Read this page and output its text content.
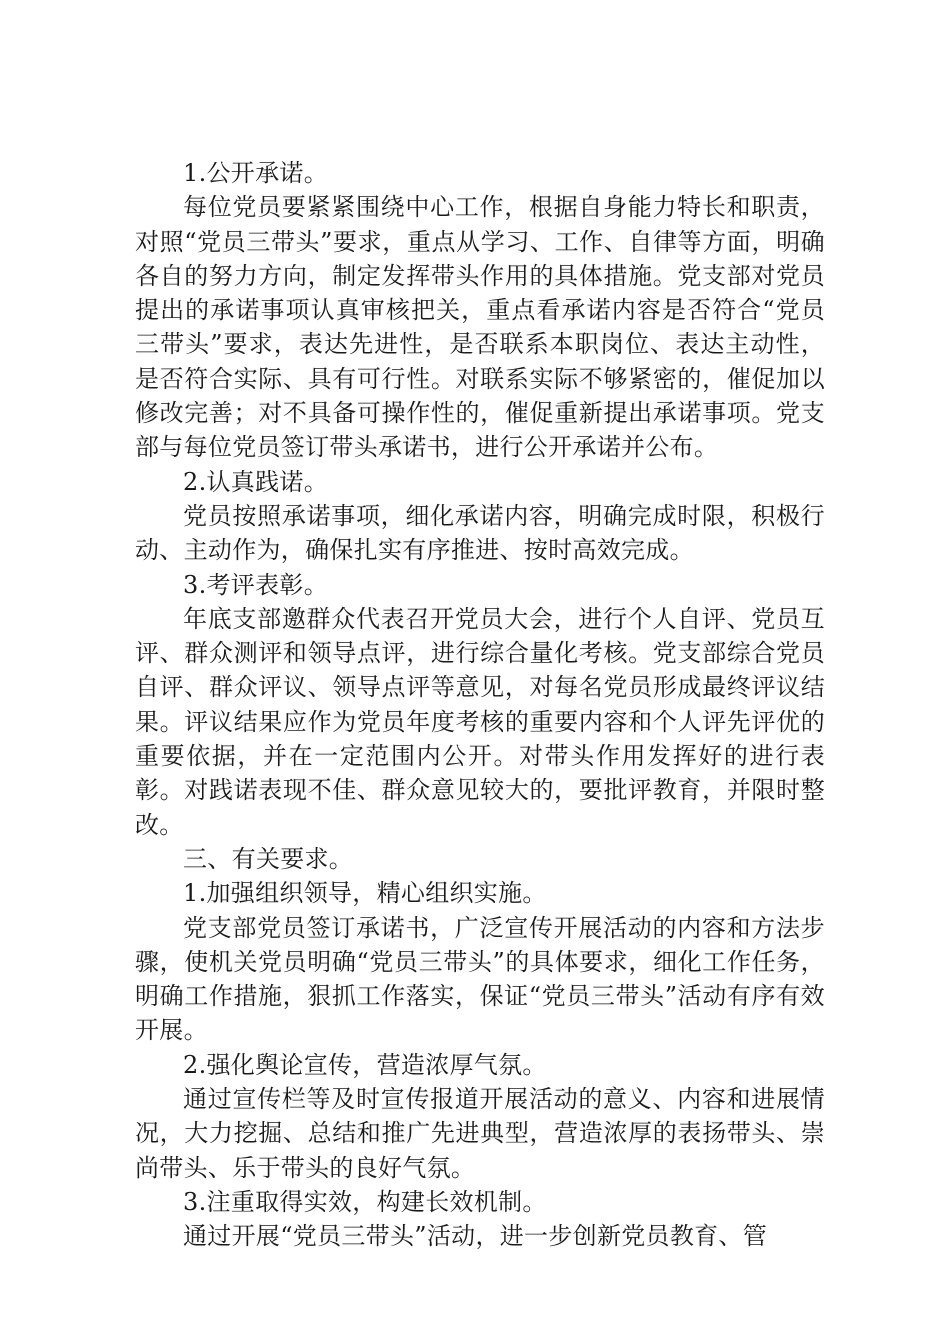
1.公开承诺。

每位党员要紧紧围绕中心工作，根据自身能力特长和职责，对照“党员三带头”要求，重点从学习、工作、自律等方面，明确各自的努力方向，制定发挥带头作用的具体措施。党支部对党员提出的承诺事项认真审核把关，重点看承诺内容是否符合“党员三带头”要求，表达先进性，是否联系本职岗位、表达主动性，是否符合实际、具有可行性。对联系实际不够紧密的，催促加以修改完善；对不具备可操作性的，催促重新提出承诺事项。党支部与每位党员签订带头承诺书，进行公开承诺并公布。

2.认真践诺。

党员按照承诺事项，细化承诺内容，明确完成时限，积极行动、主动作为，确保扎实有序推进、按时高效完成。

3.考评表彰。

年底支部邀群众代表召开党员大会，进行个人自评、党员互评、群众测评和领导点评，进行综合量化考核。党支部综合党员自评、群众评议、领导点评等意见，对每名党员形成最终评议结果。评议结果应作为党员年度考核的重要内容和个人评先评优的重要依据，并在一定范围内公开。对带头作用发挥好的进行表彰。对践诺表现不佳、群众意见较大的，要批评教育，并限时整改。

三、有关要求。

1.加强组织领导，精心组织实施。

党支部党员签订承诺书，广泛宣传开展活动的内容和方法步骤，使机关党员明确“党员三带头”的具体要求，细化工作任务，明确工作措施，狠抓工作落实，保证“党员三带头”活动有序有效开展。

2.强化舆论宣传，营造浓厚气氛。

通过宣传栏等及时宣传报道开展活动的意义、内容和进展情况，大力挖掘、总结和推广先进典型，营造浓厚的表扬带头、崇尚带头、乐于带头的良好气氛。

3.注重取得实效，构建长效机制。

通过开展“党员三带头”活动，进一步创新党员教育、管
